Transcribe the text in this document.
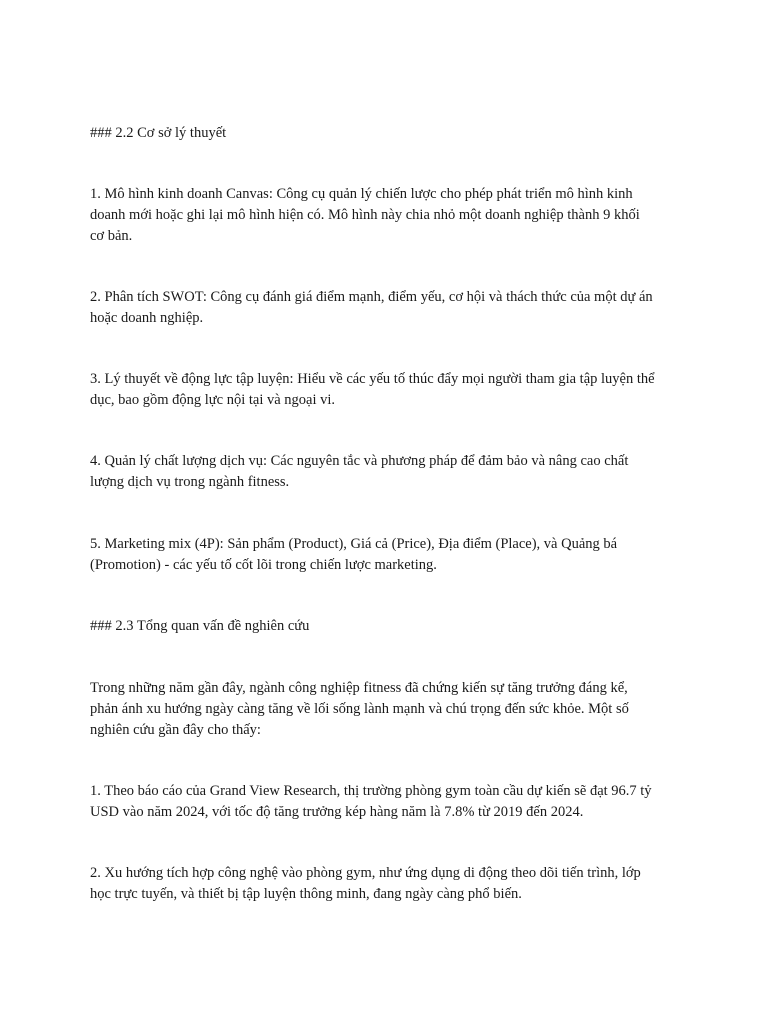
### 2.2 Cơ sở lý thuyết
1. Mô hình kinh doanh Canvas: Công cụ quản lý chiến lược cho phép phát triển mô hình kinh
doanh mới hoặc ghi lại mô hình hiện có. Mô hình này chia nhỏ một doanh nghiệp thành 9 khối
cơ bản.
2. Phân tích SWOT: Công cụ đánh giá điểm mạnh, điểm yếu, cơ hội và thách thức của một dự án
hoặc doanh nghiệp.
3. Lý thuyết về động lực tập luyện: Hiểu về các yếu tố thúc đẩy mọi người tham gia tập luyện thể
dục, bao gồm động lực nội tại và ngoại vi.
4. Quản lý chất lượng dịch vụ: Các nguyên tắc và phương pháp để đảm bảo và nâng cao chất
lượng dịch vụ trong ngành fitness.
5. Marketing mix (4P): Sản phẩm (Product), Giá cả (Price), Địa điểm (Place), và Quảng bá
(Promotion) - các yếu tố cốt lõi trong chiến lược marketing.
### 2.3 Tổng quan vấn đề nghiên cứu
Trong những năm gần đây, ngành công nghiệp fitness đã chứng kiến sự tăng trưởng đáng kể,
phản ánh xu hướng ngày càng tăng về lối sống lành mạnh và chú trọng đến sức khỏe. Một số
nghiên cứu gần đây cho thấy:
1. Theo báo cáo của Grand View Research, thị trường phòng gym toàn cầu dự kiến sẽ đạt 96.7 tỷ
USD vào năm 2024, với tốc độ tăng trưởng kép hàng năm là 7.8% từ 2019 đến 2024.
2. Xu hướng tích hợp công nghệ vào phòng gym, như ứng dụng di động theo dõi tiến trình, lớp
học trực tuyến, và thiết bị tập luyện thông minh, đang ngày càng phổ biến.
